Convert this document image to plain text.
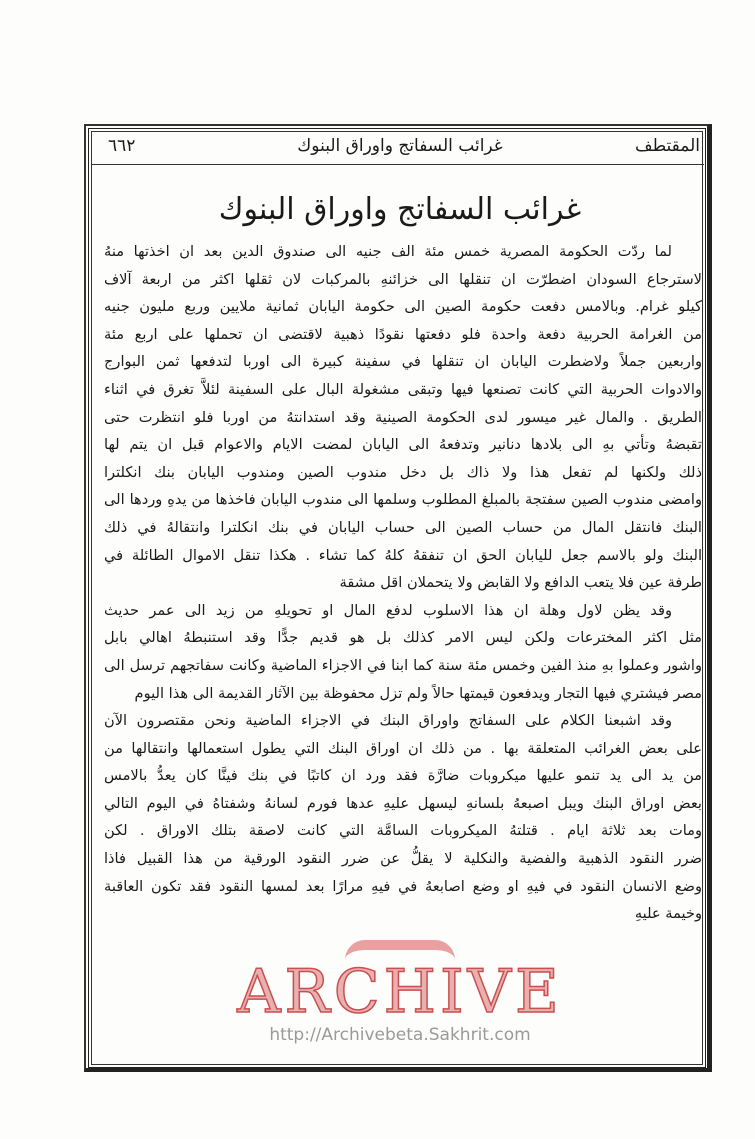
المقتطف
غرائب السفاتج واوراق البنوك
٦٦٢
غرائب السفاتج واوراق البنوك
لما ردّت الحكومة المصرية خمس مئة الف جنيه الى صندوق الدين بعد ان اخذتها منهُ
لاسترجاع السودان اضطرّت ان تنقلها الى خزائنهِ بالمركبات لان ثقلها اكثر من اربعة آلاف
كيلو غرام. وبالامس دفعت حكومة الصين الى حكومة اليابان ثمانية ملايين وربع مليون جنيه
من الغرامة الحربية دفعة واحدة فلو دفعتها نقودًا ذهبية لاقتضى ان تحملها على اربع مئة
واربعين جملاً ولاضطرت اليابان ان تنقلها في سفينة كبيرة الى اوربا لتدفعها ثمن البوارج
والادوات الحربية التي كانت تصنعها فيها وتبقى مشغولة البال على السفينة لئلاَّ تغرق في اثناء
الطريق . والمال غير ميسور لدى الحكومة الصينية وقد استدانتهُ من اوربا فلو انتظرت حتى
تقبضهُ وتأتي بهِ الى بلادها دنانير وتدفعهُ الى اليابان لمضت الايام والاعوام قبل ان يتم لها
ذلك ولكنها لم تفعل هذا ولا ذاك بل دخل مندوب الصين ومندوب اليابان بنك انكلترا
وامضى مندوب الصين سفتجة بالمبلغ المطلوب وسلمها الى مندوب اليابان فاخذها من يدهِ وردها الى
البنك فانتقل المال من حساب الصين الى حساب اليابان في بنك انكلترا وانتقالهُ في ذلك
البنك ولو بالاسم جعل لليابان الحق ان تنفقهُ كلهُ كما تشاء . هكذا تنقل الاموال الطائلة في
طرفة عين فلا يتعب الدافع ولا القابض ولا يتحملان اقل مشقة
وقد يظن لاول وهلة ان هذا الاسلوب لدفع المال او تحويلهِ من زيد الى عمر حديث
مثل اكثر المخترعات ولكن ليس الامر كذلك بل هو قديم جدًّا وقد استنبطهُ اهالي بابل
واشور وعملوا بهِ منذ الفين وخمس مئة سنة كما ابنا في الاجزاء الماضية وكانت سفاتجهم ترسل الى
مصر فيشتري فيها التجار ويدفعون قيمتها حالاً ولم تزل محفوظة بين الآثار القديمة الى هذا اليوم
وقد اشبعنا الكلام على السفاتج واوراق البنك في الاجزاء الماضية ونحن مقتصرون الآن
على بعض الغرائب المتعلقة بها . من ذلك ان اوراق البنك التي يطول استعمالها وانتقالها من
من يد الى يد تنمو عليها ميكروبات ضارَّة فقد ورد ان كاتبًا في بنك فينَّا كان يعدُّ بالامس
بعض اوراق البنك ويبل اصبعهُ بلسانهِ ليسهل عليهِ عدها فورم لسانهُ وشفتاهُ في اليوم التالي
ومات بعد ثلاثة ايام . قتلتهُ الميكروبات السامَّة التي كانت لاصقة بتلك الاوراق . لكن
ضرر النقود الذهبية والفضية والنكلية لا يقلُّ عن ضرر النقود الورقية من هذا القبيل فاذا
وضع الانسان النقود في فيهِ او وضع اصابعهُ في فيهِ مرارًا بعد لمسها النقود فقد تكون العاقبة
وخيمة عليهِ
ARCHIVE
http://Archivebeta.Sakhrit.com
